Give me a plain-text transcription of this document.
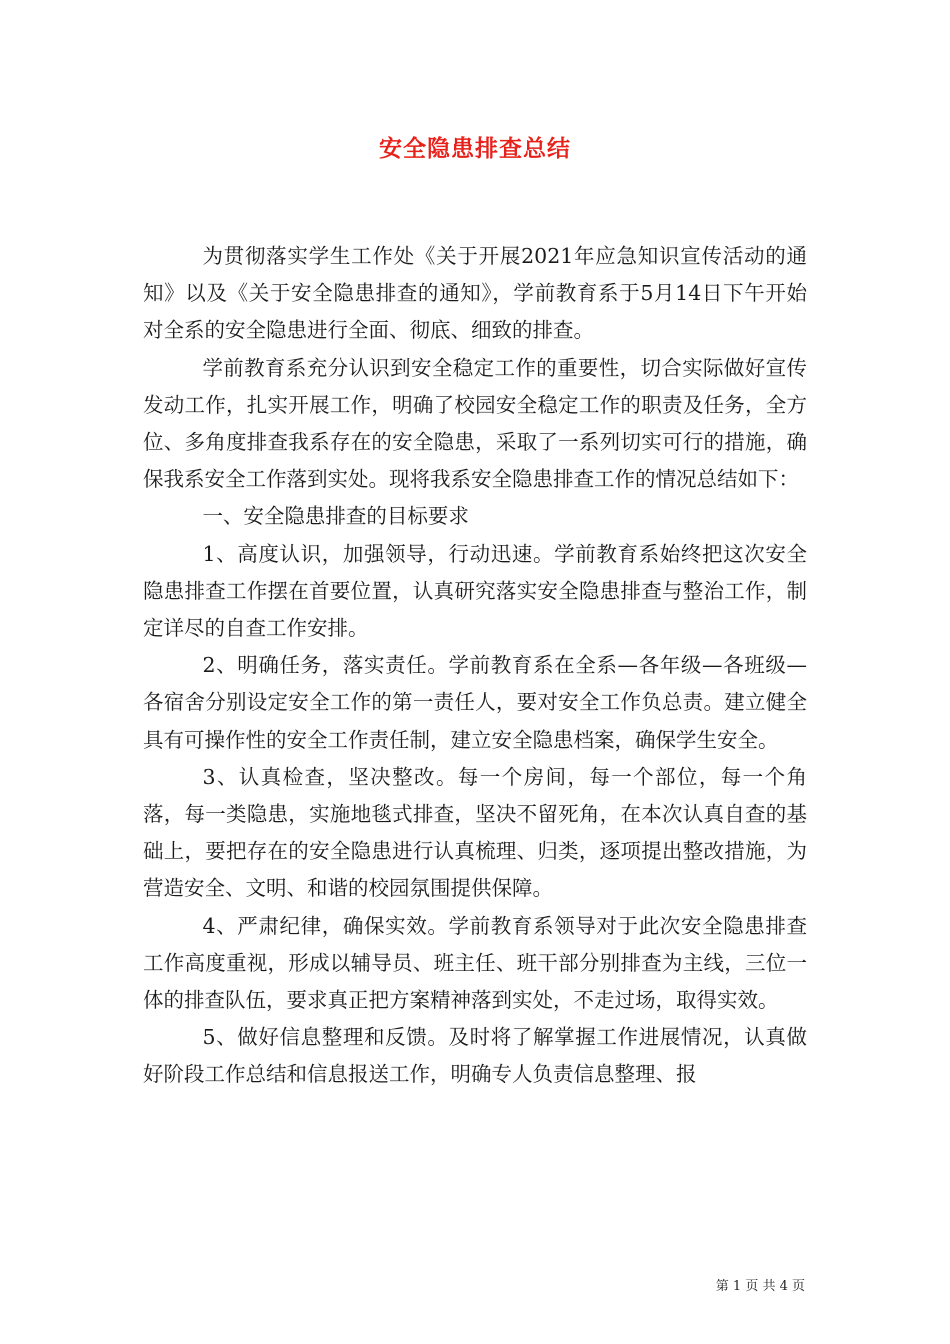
安全隐患排查总结

为贯彻落实学生工作处《关于开展2021年应急知识宣传活动的通知》以及《关于安全隐患排查的通知》，学前教育系于5月14日下午开始对全系的安全隐患进行全面、彻底、细致的排查。

学前教育系充分认识到安全稳定工作的重要性，切合实际做好宣传发动工作，扎实开展工作，明确了校园安全稳定工作的职责及任务，全方位、多角度排查我系存在的安全隐患，采取了一系列切实可行的措施，确保我系安全工作落到实处。现将我系安全隐患排查工作的情况总结如下：

一、安全隐患排查的目标要求

1、高度认识，加强领导，行动迅速。学前教育系始终把这次安全隐患排查工作摆在首要位置，认真研究落实安全隐患排查与整治工作，制定详尽的自查工作安排。

2、明确任务，落实责任。学前教育系在全系—各年级—各班级—各宿舍分别设定安全工作的第一责任人，要对安全工作负总责。建立健全具有可操作性的安全工作责任制，建立安全隐患档案，确保学生安全。

3、认真检查，坚决整改。每一个房间，每一个部位，每一个角落，每一类隐患，实施地毯式排查，坚决不留死角，在本次认真自查的基础上，要把存在的安全隐患进行认真梳理、归类，逐项提出整改措施，为营造安全、文明、和谐的校园氛围提供保障。

4、严肃纪律，确保实效。学前教育系领导对于此次安全隐患排查工作高度重视，形成以辅导员、班主任、班干部分别排查为主线，三位一体的排查队伍，要求真正把方案精神落到实处，不走过场，取得实效。

5、做好信息整理和反馈。及时将了解掌握工作进展情况，认真做好阶段工作总结和信息报送工作，明确专人负责信息整理、报

第 1 页 共 4 页
